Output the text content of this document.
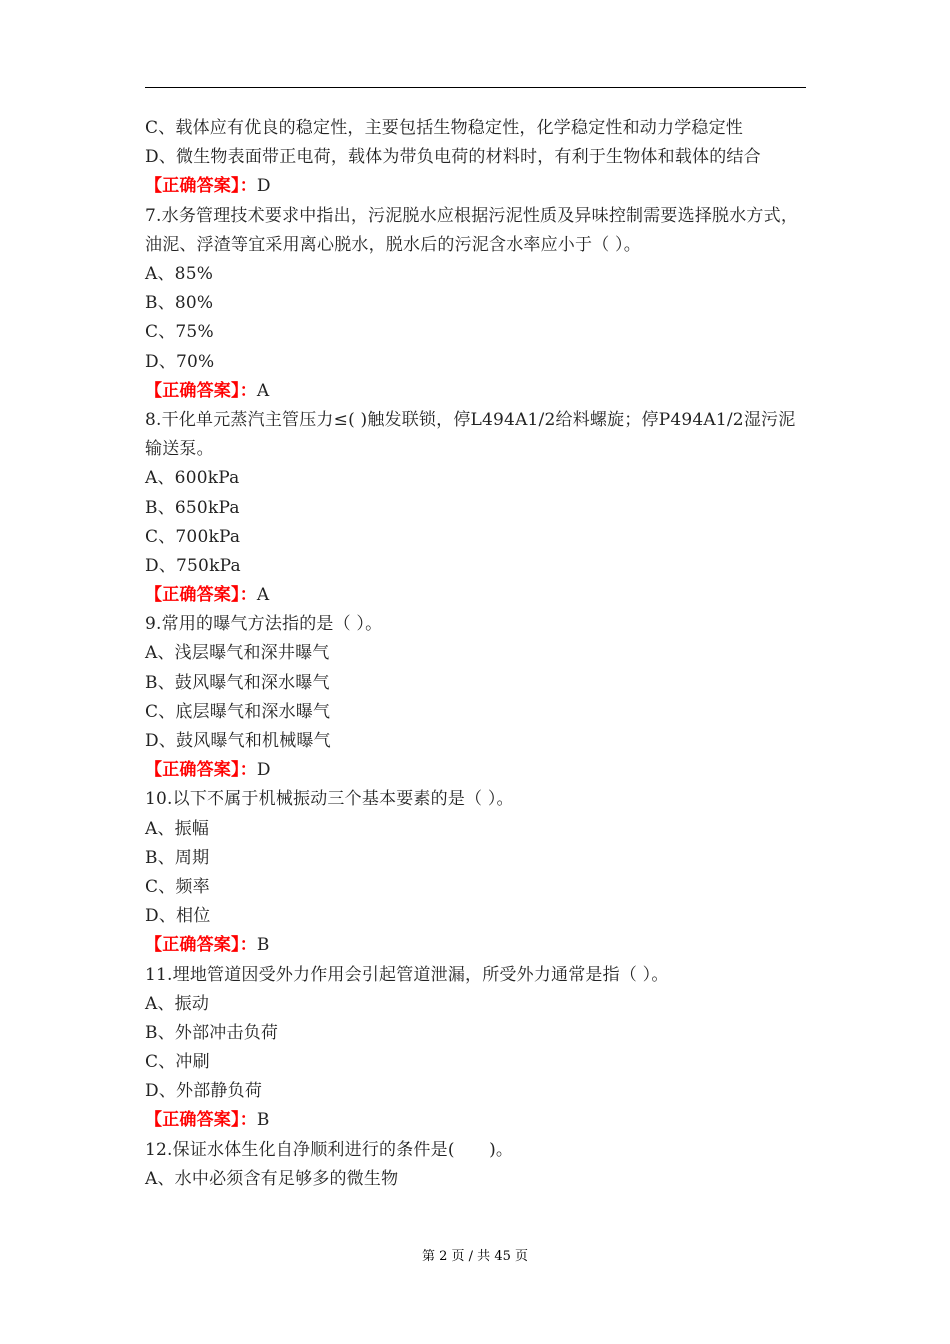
C、载体应有优良的稳定性，主要包括生物稳定性，化学稳定性和动力学稳定性
D、微生物表面带正电荷，载体为带负电荷的材料时，有利于生物体和载体的结合
【正确答案】：D
7.水务管理技术要求中指出，污泥脱水应根据污泥性质及异味控制需要选择脱水方式，油泥、浮渣等宜采用离心脱水，脱水后的污泥含水率应小于（ ）。
A、85%
B、80%
C、75%
D、70%
【正确答案】：A
8.干化单元蒸汽主管压力≤( )触发联锁，停L494A1/2给料螺旋；停P494A1/2湿污泥输送泵。
A、600kPa
B、650kPa
C、700kPa
D、750kPa
【正确答案】：A
9.常用的曝气方法指的是（ ）。
A、浅层曝气和深井曝气
B、鼓风曝气和深水曝气
C、底层曝气和深水曝气
D、鼓风曝气和机械曝气
【正确答案】：D
10.以下不属于机械振动三个基本要素的是（ ）。
A、振幅
B、周期
C、频率
D、相位
【正确答案】：B
11.埋地管道因受外力作用会引起管道泄漏，所受外力通常是指（ ）。
A、振动
B、外部冲击负荷
C、冲刷
D、外部静负荷
【正确答案】：B
12.保证水体生化自净顺利进行的条件是(　　)。
A、水中必须含有足够多的微生物
第 2 页 / 共 45 页
